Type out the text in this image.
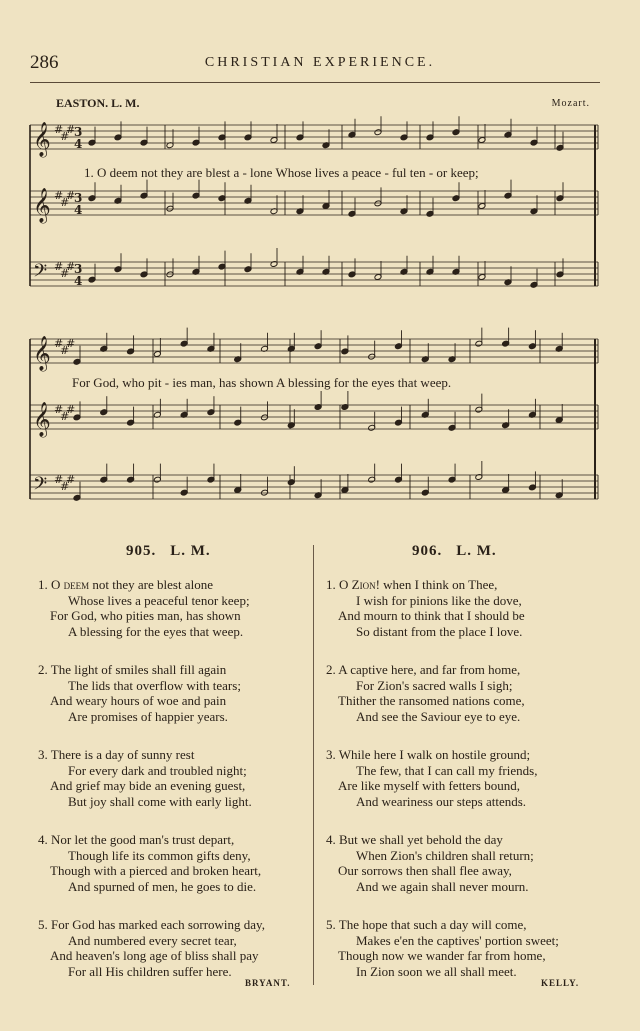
286	CHRISTIAN EXPERIENCE.
EASTON. L. M.	Mozart.
𝄞 #
#
#
3
4
𝄞 #
#
#
3
4
𝄢 #
#
#
3
4
𝄞 #
#
#
𝄞 #
#
#
𝄢 #
#
#
1. O deem not they are blest a - lone Whose lives a peace - ful ten - or keep;
For God, who pit - ies man, has shown A blessing for the eyes that weep.
905. L. M.	906. L. M.
1. O deem not they are blest alone
Whose lives a peaceful tenor keep;
For God, who pities man, has shown
A blessing for the eyes that weep.
2. The light of smiles shall fill again
The lids that overflow with tears;
And weary hours of woe and pain
Are promises of happier years.
3. There is a day of sunny rest
For every dark and troubled night;
And grief may bide an evening guest,
But joy shall come with early light.
4. Nor let the good man's trust depart,
Though life its common gifts deny,
Though with a pierced and broken heart,
And spurned of men, he goes to die.
5. For God has marked each sorrowing day,
And numbered every secret tear,
And heaven's long age of bliss shall pay
For all His children suffer here.
1. O Zion! when I think on Thee,
I wish for pinions like the dove,
And mourn to think that I should be
So distant from the place I love.
2. A captive here, and far from home,
For Zion's sacred walls I sigh;
Thither the ransomed nations come,
And see the Saviour eye to eye.
3. While here I walk on hostile ground;
The few, that I can call my friends,
Are like myself with fetters bound,
And weariness our steps attends.
4. But we shall yet behold the day
When Zion's children shall return;
Our sorrows then shall flee away,
And we again shall never mourn.
5. The hope that such a day will come,
Makes e'en the captives' portion sweet;
Though now we wander far from home,
In Zion soon we all shall meet.
BRYANT.	KELLY.
